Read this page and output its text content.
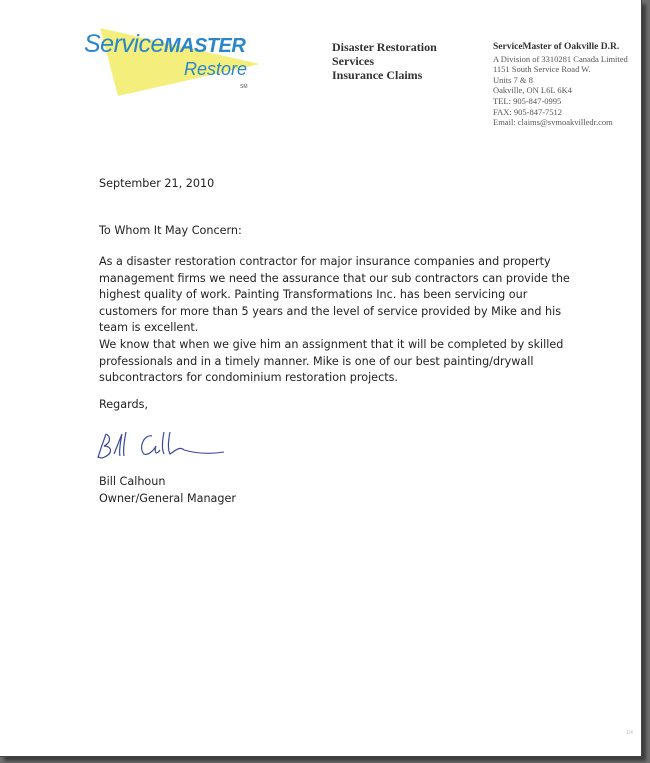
ServiceMASTER
Restore
SM
Disaster Restoration
Services
Insurance Claims
ServiceMaster of Oakville D.R.
A Division of 3310281 Canada Limited
1151 South Service Road W.
Units 7 & 8
Oakville, ON L6L 6K4
TEL: 905-847-0995
FAX: 905-847-7512
Email: claims@svmoakvilledr.com
September 21, 2010
To Whom It May Concern:

As a disaster restoration contractor for major insurance companies and property management firms we need the assurance that our sub contractors can provide the highest quality of work. Painting Transformations Inc. has been servicing our customers for more than 5 years and the level of service provided by Mike and his team is excellent.

We know that when we give him an assignment that it will be completed by skilled professionals and in a timely manner. Mike is one of our best painting/drywall subcontractors for condominium restoration projects.

Regards,
Bill Calhoun
Owner/General Manager
1/4
